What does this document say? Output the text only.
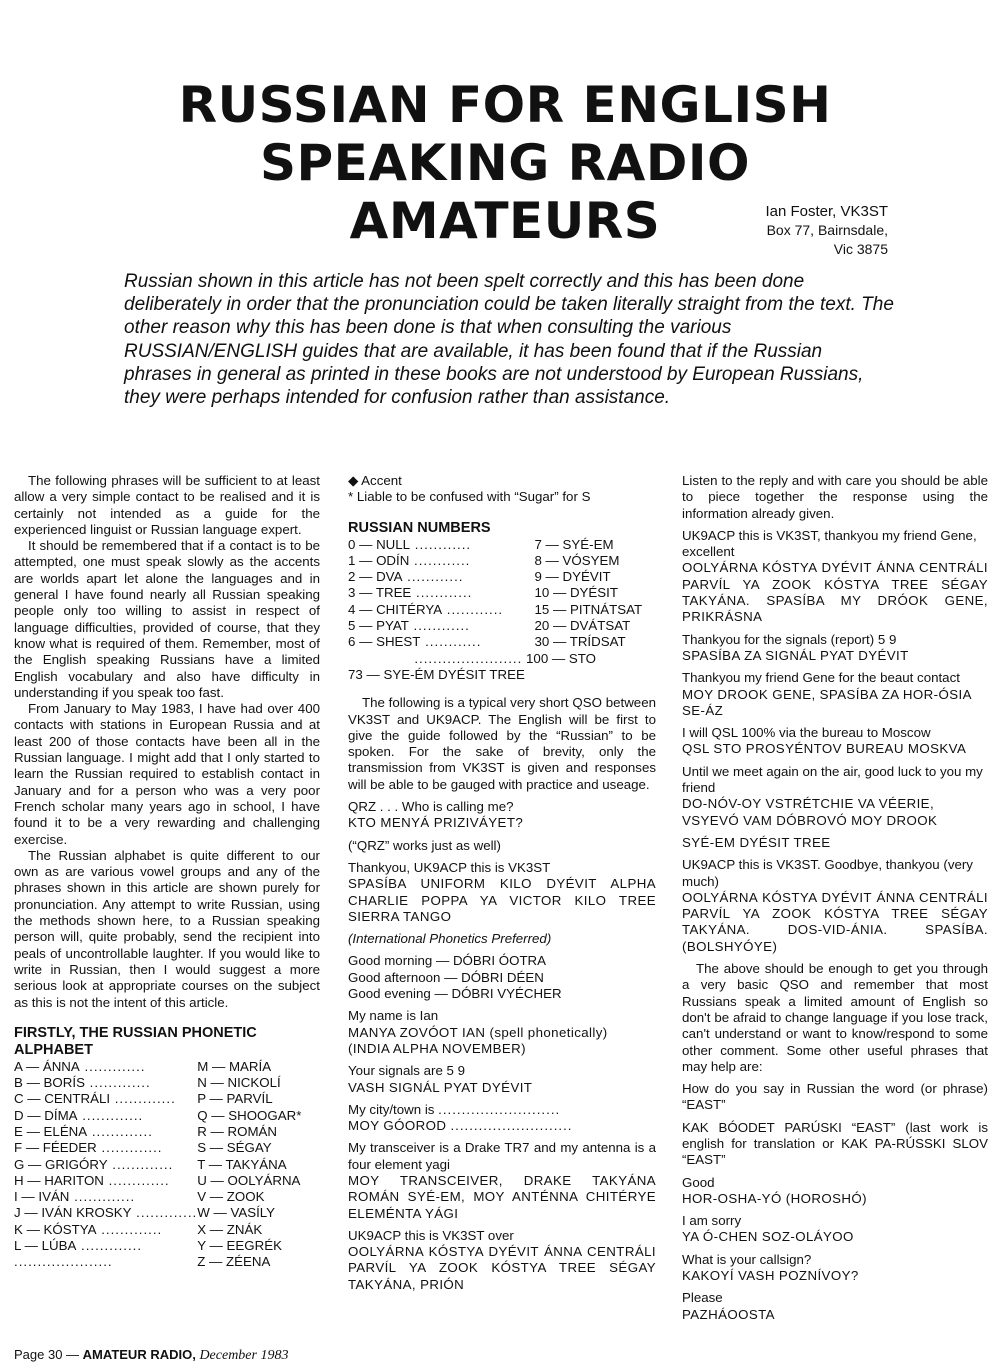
RUSSIAN FOR ENGLISH
SPEAKING RADIO
AMATEURS	Ian Foster, VK3ST
Box 77, Bairnsdale, Vic 3875

Russian shown in this article has not been spelt correctly and this has been done deliberately in order that the pronunciation could be taken literally straight from the text. The other reason why this has been done is that when consulting the various RUSSIAN/ENGLISH guides that are available, it has been found that if the Russian phrases in general as printed in these books are not understood by European Russians, they were perhaps intended for confusion rather than assistance.

The following phrases will be sufficient to at least allow a very simple contact to be realised and it is certainly not intended as a guide for the experienced linguist or Russian language expert.

It should be remembered that if a contact is to be attempted, one must speak slowly as the accents are worlds apart let alone the languages and in general I have found nearly all Russian speaking people only too willing to assist in respect of language difficulties, provided of course, that they know what is required of them. Remember, most of the English speaking Russians have a limited English vocabulary and also have difficulty in understanding if you speak too fast.

From January to May 1983, I have had over 400 contacts with stations in European Russia and at least 200 of those contacts have been all in the Russian language. I might add that I only started to learn the Russian required to establish contact in January and for a person who was a very poor French scholar many years ago in school, I have found it to be a very rewarding and challenging exercise.

The Russian alphabet is quite different to our own as are various vowel groups and any of the phrases shown in this article are shown purely for pronunciation. Any attempt to write Russian, using the methods shown here, to a Russian speaking person will, quite probably, send the recipient into peals of uncontrollable laughter. If you would like to write in Russian, then I would suggest a more serious look at appropriate courses on the subject as this is not the intent of this article.

FIRSTLY, THE RUSSIAN PHONETIC ALPHABET

A — ÁNNA .............	M — MARÍA
B — BORÍS .............	N — NICKOLÍ
C — CENTRÁLI .............	P — PARVÍL
D — DÍMA .............	Q — SHOOGAR*
E — ELÉNA .............	R — ROMÁN
F — FÉEDER .............	S — SÉGAY
G — GRIGÓRY .............	T — TAKYÁNA
H — HARITON .............	U — OOLYÁRNA
I — IVÁN .............	V — ZOOK
J — IVÁN KROSKY .............	W — VASÍLY
K — KÓSTYA .............	X — ZNÁK
L — LÚBA .............	Y — EEGRÉK
.....................	Z — ZÉENA

◆ Accent

* Liable to be confused with “Sugar” for S

RUSSIAN NUMBERS

0 — NULL ............	7 — SYÉ-EM
1 — ODÍN ............	8 — VÓSYEM
2 — DVA ............	9 — DYÉVIT
3 — TREE ............	10 — DYÉSIT
4 — CHITÉRYA ............	15 — PITNÁTSAT
5 — PYAT ............	20 — DVÁTSAT
6 — SHEST ............	30 — TRÍDSAT

....................... 100 — STO

73 — SYE-ÉM DYÉSIT TREE

The following is a typical very short QSO between VK3ST and UK9ACP. The English will be first to give the guide followed by the “Russian” to be spoken. For the sake of brevity, only the transmission from VK3ST is given and responses will be able to be gauged with practice and useage.

QRZ . . . Who is calling me?

KTO MENYÁ PRIZIVÁYET?

(“QRZ” works just as well)

Thankyou, UK9ACP this is VK3ST

SPASÍBA UNIFORM KILO DYÉVIT ALPHA CHARLIE POPPA YA VICTOR KILO TREE SIERRA TANGO

(International Phonetics Preferred)

Good morning — DÓBRI ÓOTRA

Good afternoon — DÓBRI DÉEN

Good evening — DÓBRI VYÉCHER

My name is Ian

MANYA ZOVÓOT IAN (spell phonetically)

(INDIA ALPHA NOVEMBER)

Your signals are 5 9

VASH SIGNÁL PYAT DYÉVIT

My city/town is ..........................

MOY GÓOROD ..........................

My transceiver is a Drake TR7 and my antenna is a four element yagi

MOY TRANSCEIVER, DRAKE TAKYÁNA ROMÁN SYÉ-EM, MOY ANTÉNNA CHITÉRYE ELEMÉNTA YÁGI

UK9ACP this is VK3ST over

OOLYÁRNA KÓSTYA DYÉVIT ÁNNA CENTRÁLI PARVÍL YA ZOOK KÓSTYA TREE SÉGAY TAKYÁNA, PRIÓN

Listen to the reply and with care you should be able to piece together the response using the information already given.

UK9ACP this is VK3ST, thankyou my friend Gene, excellent

OOLYÁRNA KÓSTYA DYÉVIT ÁNNA CENTRÁLI PARVÍL YA ZOOK KÓSTYA TREE SÉGAY TAKYÁNA. SPASÍBA MY DRÓOK GENE, PRIKRÁSNA

Thankyou for the signals (report) 5 9

SPASÍBA ZA SIGNÁL PYAT DYÉVIT

Thankyou my friend Gene for the beaut contact

MOY DROOK GENE, SPASÍBA ZA HOR-ÓSIA SE-ÁZ

I will QSL 100% via the bureau to Moscow

QSL STO PROSYÉNTOV BUREAU MOSKVA

Until we meet again on the air, good luck to you my friend

DO-NÓV-OY VSTRÉTCHIE VA VÉERIE, VSYEVÓ VAM DÓBROVÓ MOY DROOK

SYÉ-EM DYÉSIT TREE

UK9ACP this is VK3ST. Goodbye, thankyou (very much)

OOLYÁRNA KÓSTYA DYÉVIT ÁNNA CENTRÁLI PARVÍL YA ZOOK KÓSTYA TREE SÉGAY TAKYÁNA. DOS-VID-ÁNIA. SPASÍBA. (BOLSHYÓYE)

The above should be enough to get you through a very basic QSO and remember that most Russians speak a limited amount of English so don't be afraid to change language if you lose track, can't understand or want to know/respond to some other comment. Some other useful phrases that may help are:

How do you say in Russian the word (or phrase) “EAST”

KAK BÓODET PARÚSKI “EAST” (last work is english for translation or KAK PA-RÚSSKI SLOV “EAST”

Good

HOR-OSHA-YÓ (HOROSHÓ)

I am sorry

YA Ó-CHEN SOZ-OLÁYOO

What is your callsign?

KAKOYÍ VASH POZNÍVOY?

Please

PAZHÁOOSTA

Page 30 — AMATEUR RADIO, December 1983
